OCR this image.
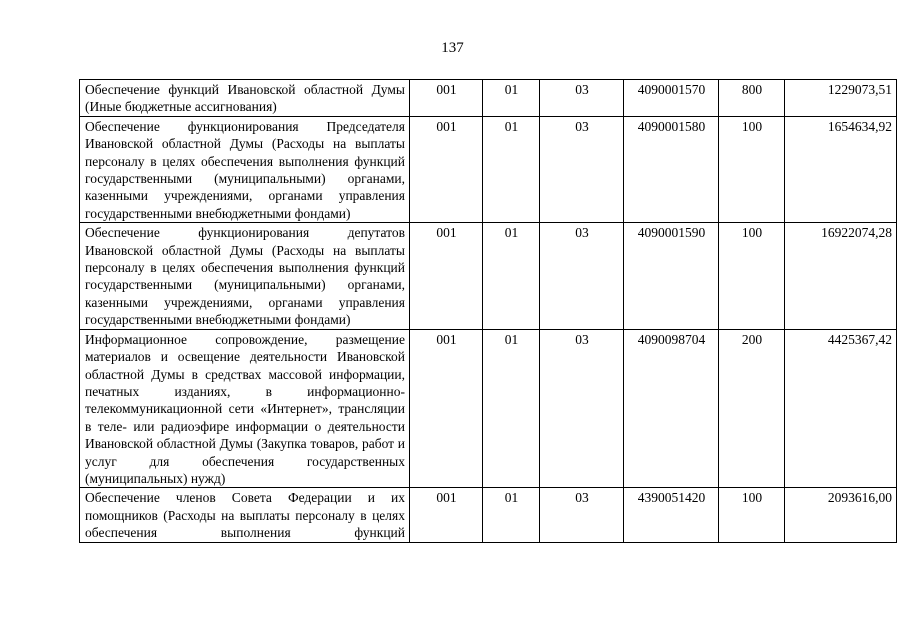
137
Обеспечение функций Ивановской областной Думы (Иные бюджетные ассигнования)	001	01	03	4090001570	800	1229073,51
Обеспечение функционирования Председателя Ивановской областной Думы (Расходы на выплаты персоналу в целях обеспечения выполнения функций государственными (муниципальными) органами, казенными учреждениями, органами управления государственными внебюджетными фондами)	001	01	03	4090001580	100	1654634,92
Обеспечение функционирования депутатов Ивановской областной Думы (Расходы на выплаты персоналу в целях обеспечения выполнения функций государственными (муниципальными) органами, казенными учреждениями, органами управления государственными внебюджетными фондами)	001	01	03	4090001590	100	16922074,28
Информационное сопровождение, размещение материалов и освещение деятельности Ивановской областной Думы в средствах массовой информации, печатных изданиях, в информационно-телекоммуникационной сети «Интернет», трансляции в теле- или радиоэфире информации о деятельности Ивановской областной Думы (Закупка товаров, работ и услуг для обеспечения государственных (муниципальных) нужд)	001	01	03	4090098704	200	4425367,42
Обеспечение членов Совета Федерации и их помощников (Расходы на выплаты персоналу в целях обеспечения выполнения функций	001	01	03	4390051420	100	2093616,00
